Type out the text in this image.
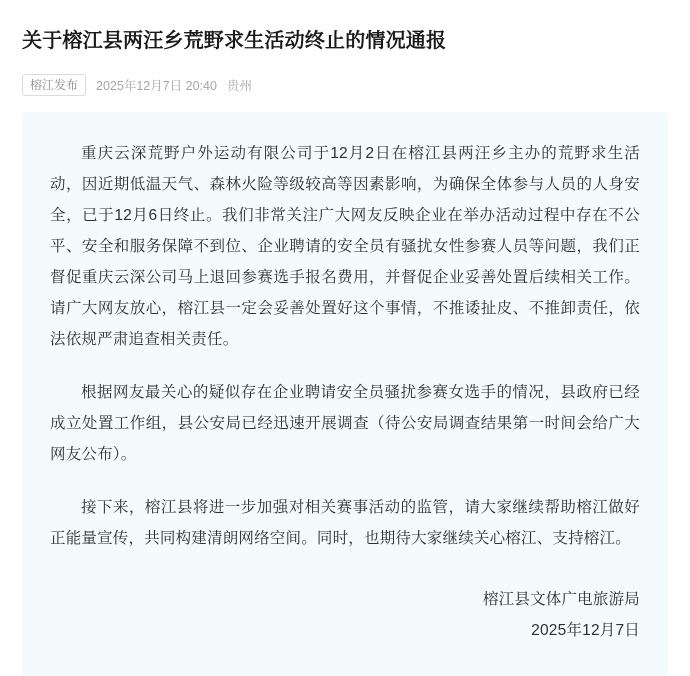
关于榕江县两汪乡荒野求生活动终止的情况通报
榕江发布	2025年12月7日 20:40 贵州

重庆云深荒野户外运动有限公司于12月2日在榕江县两汪乡主办的荒野求生活动，因近期低温天气、森林火险等级较高等因素影响，为确保全体参与人员的人身安全，已于12月6日终止。我们非常关注广大网友反映企业在举办活动过程中存在不公平、安全和服务保障不到位、企业聘请的安全员有骚扰女性参赛人员等问题，我们正督促重庆云深公司马上退回参赛选手报名费用，并督促企业妥善处置后续相关工作。请广大网友放心，榕江县一定会妥善处置好这个事情，不推诿扯皮、不推卸责任，依法依规严肃追查相关责任。

根据网友最关心的疑似存在企业聘请安全员骚扰参赛女选手的情况，县政府已经成立处置工作组，县公安局已经迅速开展调查（待公安局调查结果第一时间会给广大网友公布）。

接下来，榕江县将进一步加强对相关赛事活动的监管，请大家继续帮助榕江做好正能量宣传，共同构建清朗网络空间。同时，也期待大家继续关心榕江、支持榕江。

榕江县文体广电旅游局
2025年12月7日
